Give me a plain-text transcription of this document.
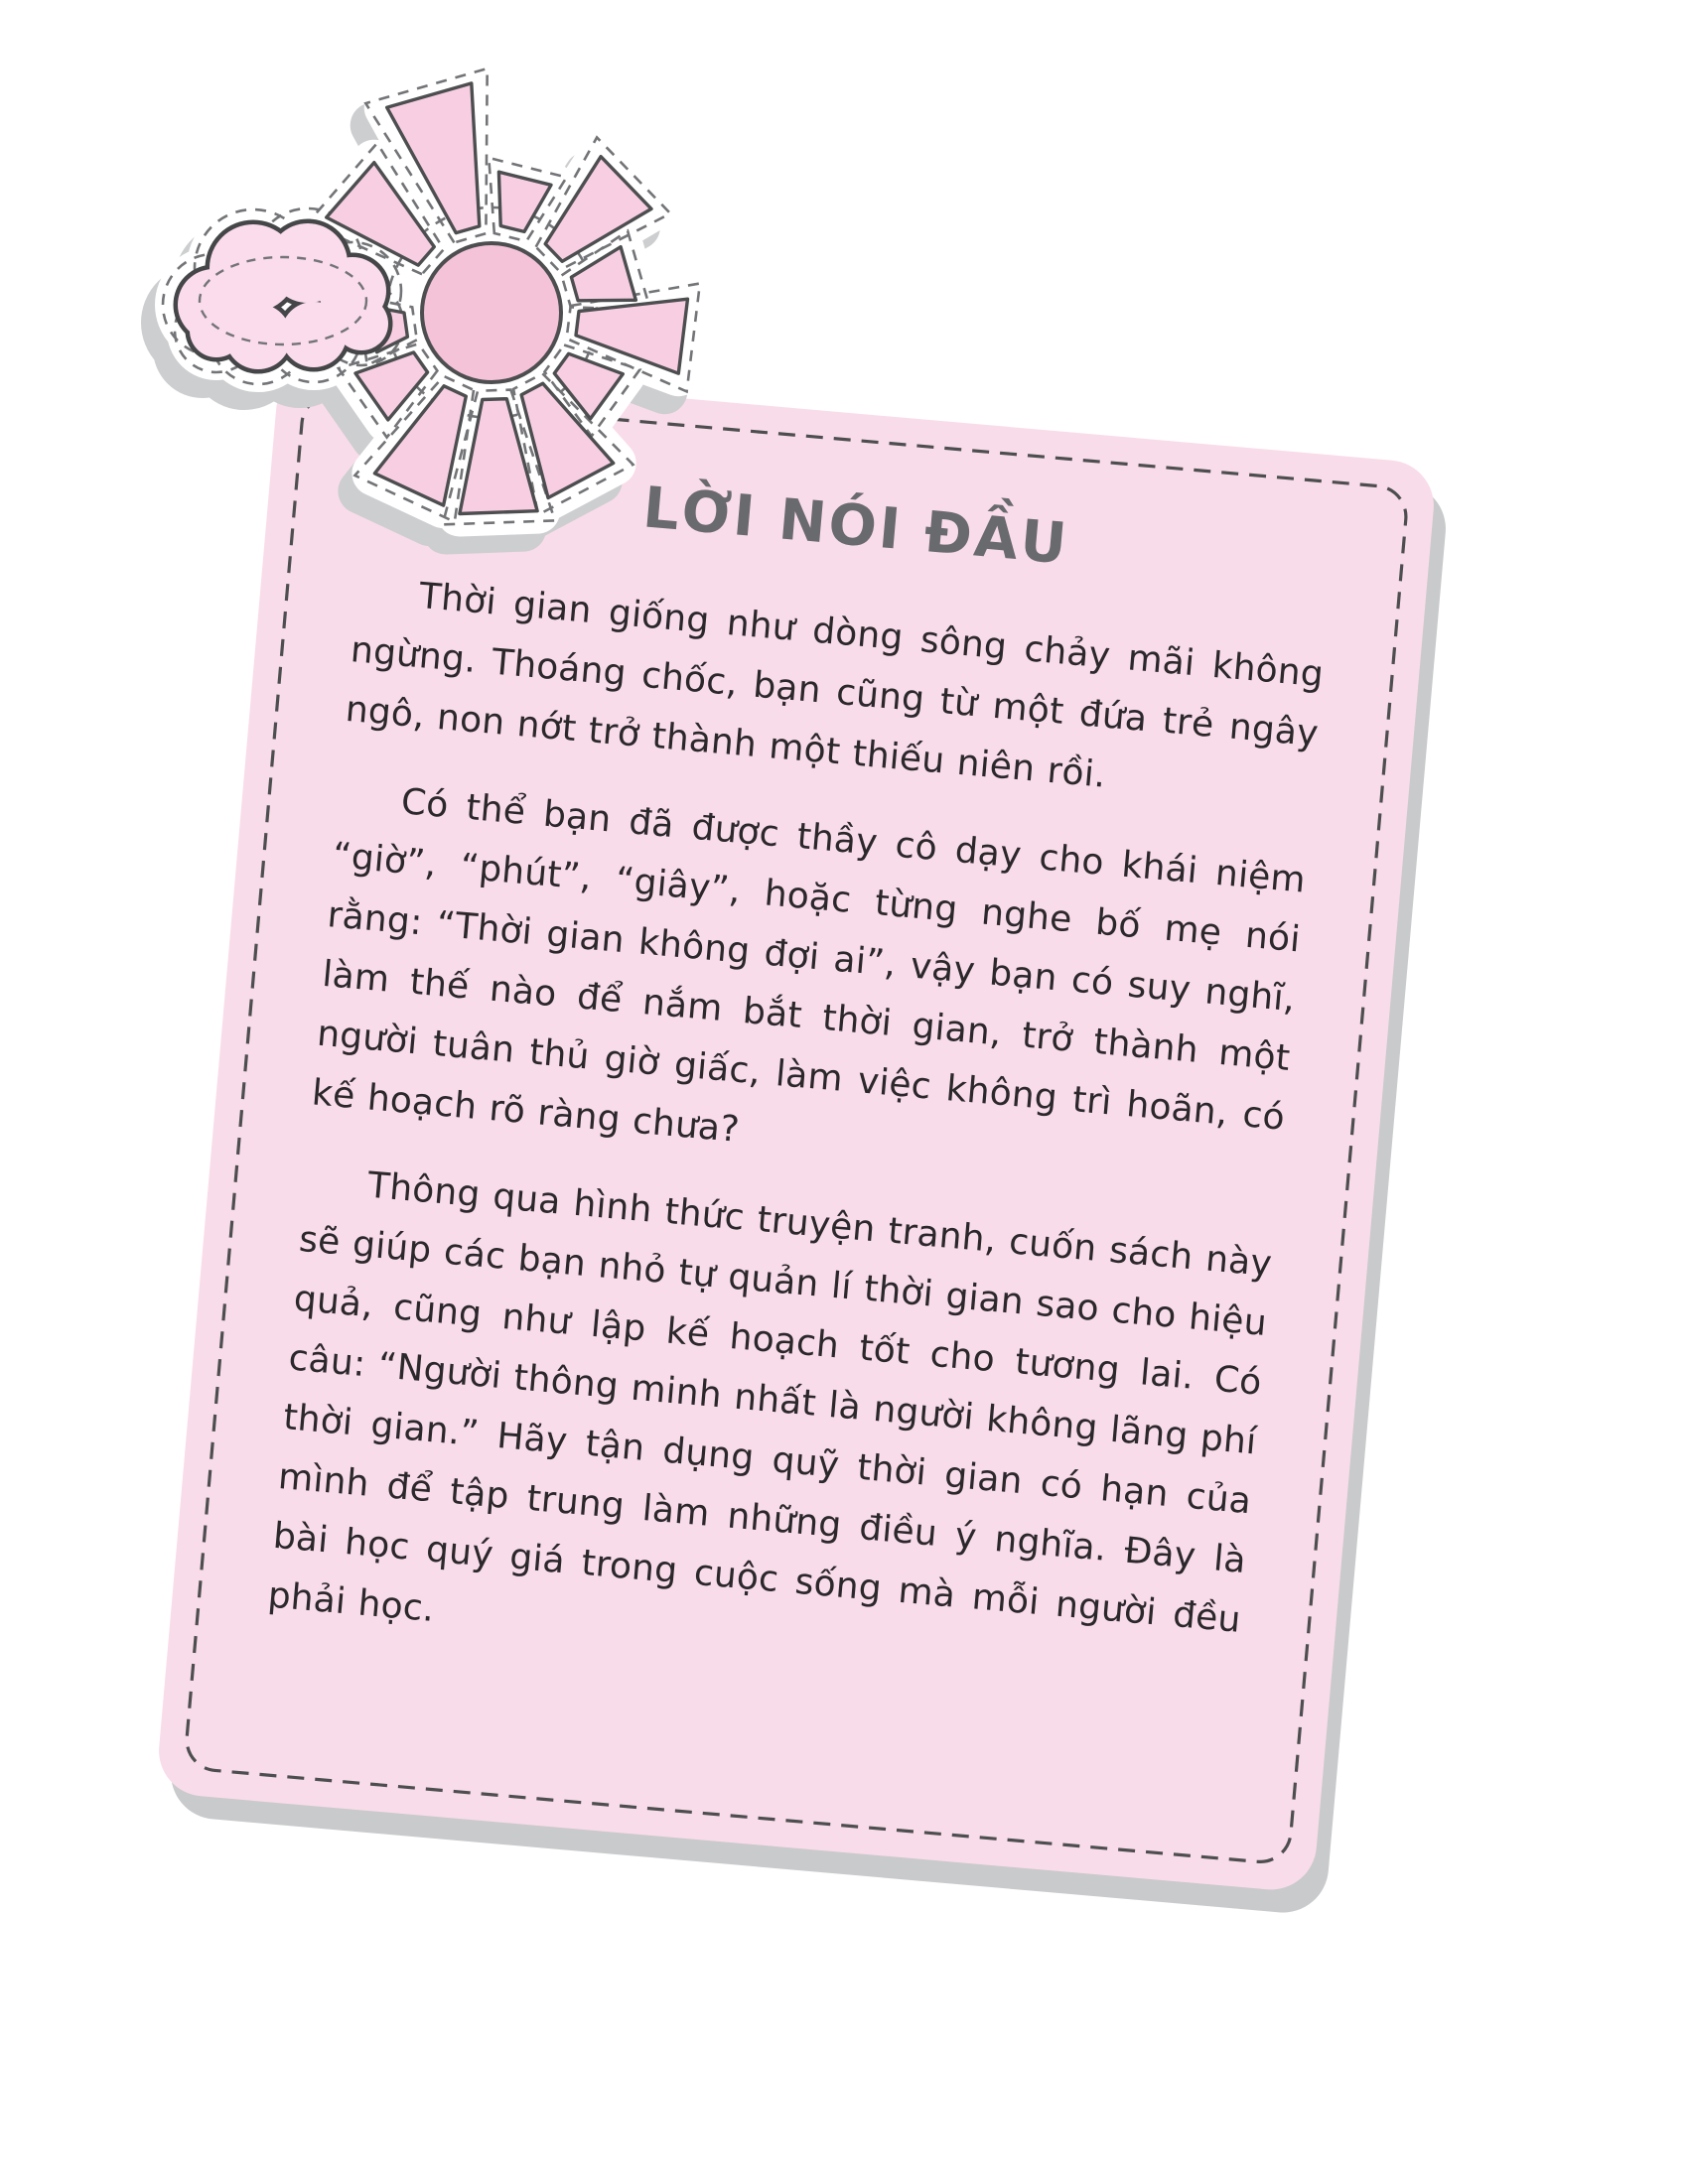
LỜI NÓI ĐẦU

Thời gian giống như dòng sông chảy mãi không ngừng. Thoáng chốc, bạn cũng từ một đứa trẻ ngây ngô, non nớt trở thành một thiếu niên rồi.

Có thể bạn đã được thầy cô dạy cho khái niệm “giờ”, “phút”, “giây”, hoặc từng nghe bố mẹ nói rằng: “Thời gian không đợi ai”, vậy bạn có suy nghĩ, làm thế nào để nắm bắt thời gian, trở thành một người tuân thủ giờ giấc, làm việc không trì hoãn, có kế hoạch rõ ràng chưa?

Thông qua hình thức truyện tranh, cuốn sách này sẽ giúp các bạn nhỏ tự quản lí thời gian sao cho hiệu quả, cũng như lập kế hoạch tốt cho tương lai. Có câu: “Người thông minh nhất là người không lãng phí thời gian.” Hãy tận dụng quỹ thời gian có hạn của mình để tập trung làm những điều ý nghĩa. Đây là bài học quý giá trong cuộc sống mà mỗi người đều phải học.
